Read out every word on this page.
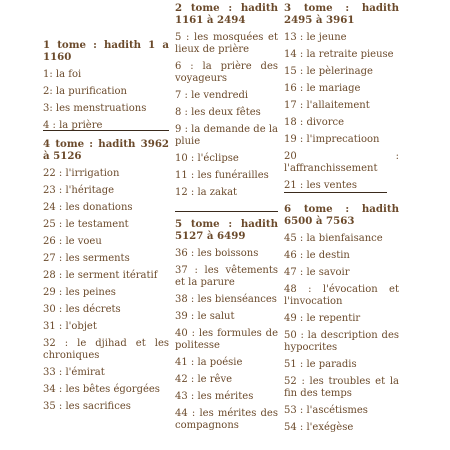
1 tome : hadith 1 a 1160
1: la foi
2: la purification
3: les menstruations
4 : la prière
4 tome : hadith 3962 à 5126
22 : l'irrigation
23 : l'héritage
24 : les donations
25 : le testament
26 : le voeu
27 : les serments
28 : le serment itératif
29 : les peines
30 : les décrets
31 : l'objet
32 : le djihad et les chroniques
33 : l'émirat
34 : les bêtes égorgées
35 : les sacrifices
2 tome : hadith 1161 à 2494
5 : les mosquées et lieux de prière
6 : la prière des voyageurs
7 : le vendredi
8 : les deux fêtes
9 : la demande de la pluie
10 : l'éclipse
11 : les funérailles
12 : la zakat
5 tome : hadith 5127 à 6499
36 : les boissons
37 : les vêtements et la parure
38 : les bienséances
39 : le salut
40 : les formules de politesse
41 : la poésie
42 : le rêve
43 : les mérites
44 : les mérites des compagnons
3 tome : hadith 2495 à 3961
13 : le jeune
14 : la retraite pieuse
15 : le pèlerinage
16 : le mariage
17 : l'allaitement
18 : divorce
19 : l'imprecatioon
20 : l'affranchissement
21 : les ventes
6 tome : hadith 6500 à 7563
45 : la bienfaisance
46 : le destin
47 : le savoir
48 : l'évocation et l'invocation
49 : le repentir
50 : la description des hypocrites
51 : le paradis
52 : les troubles et la fin des temps
53 : l'ascétismes
54 : l'exégèse
